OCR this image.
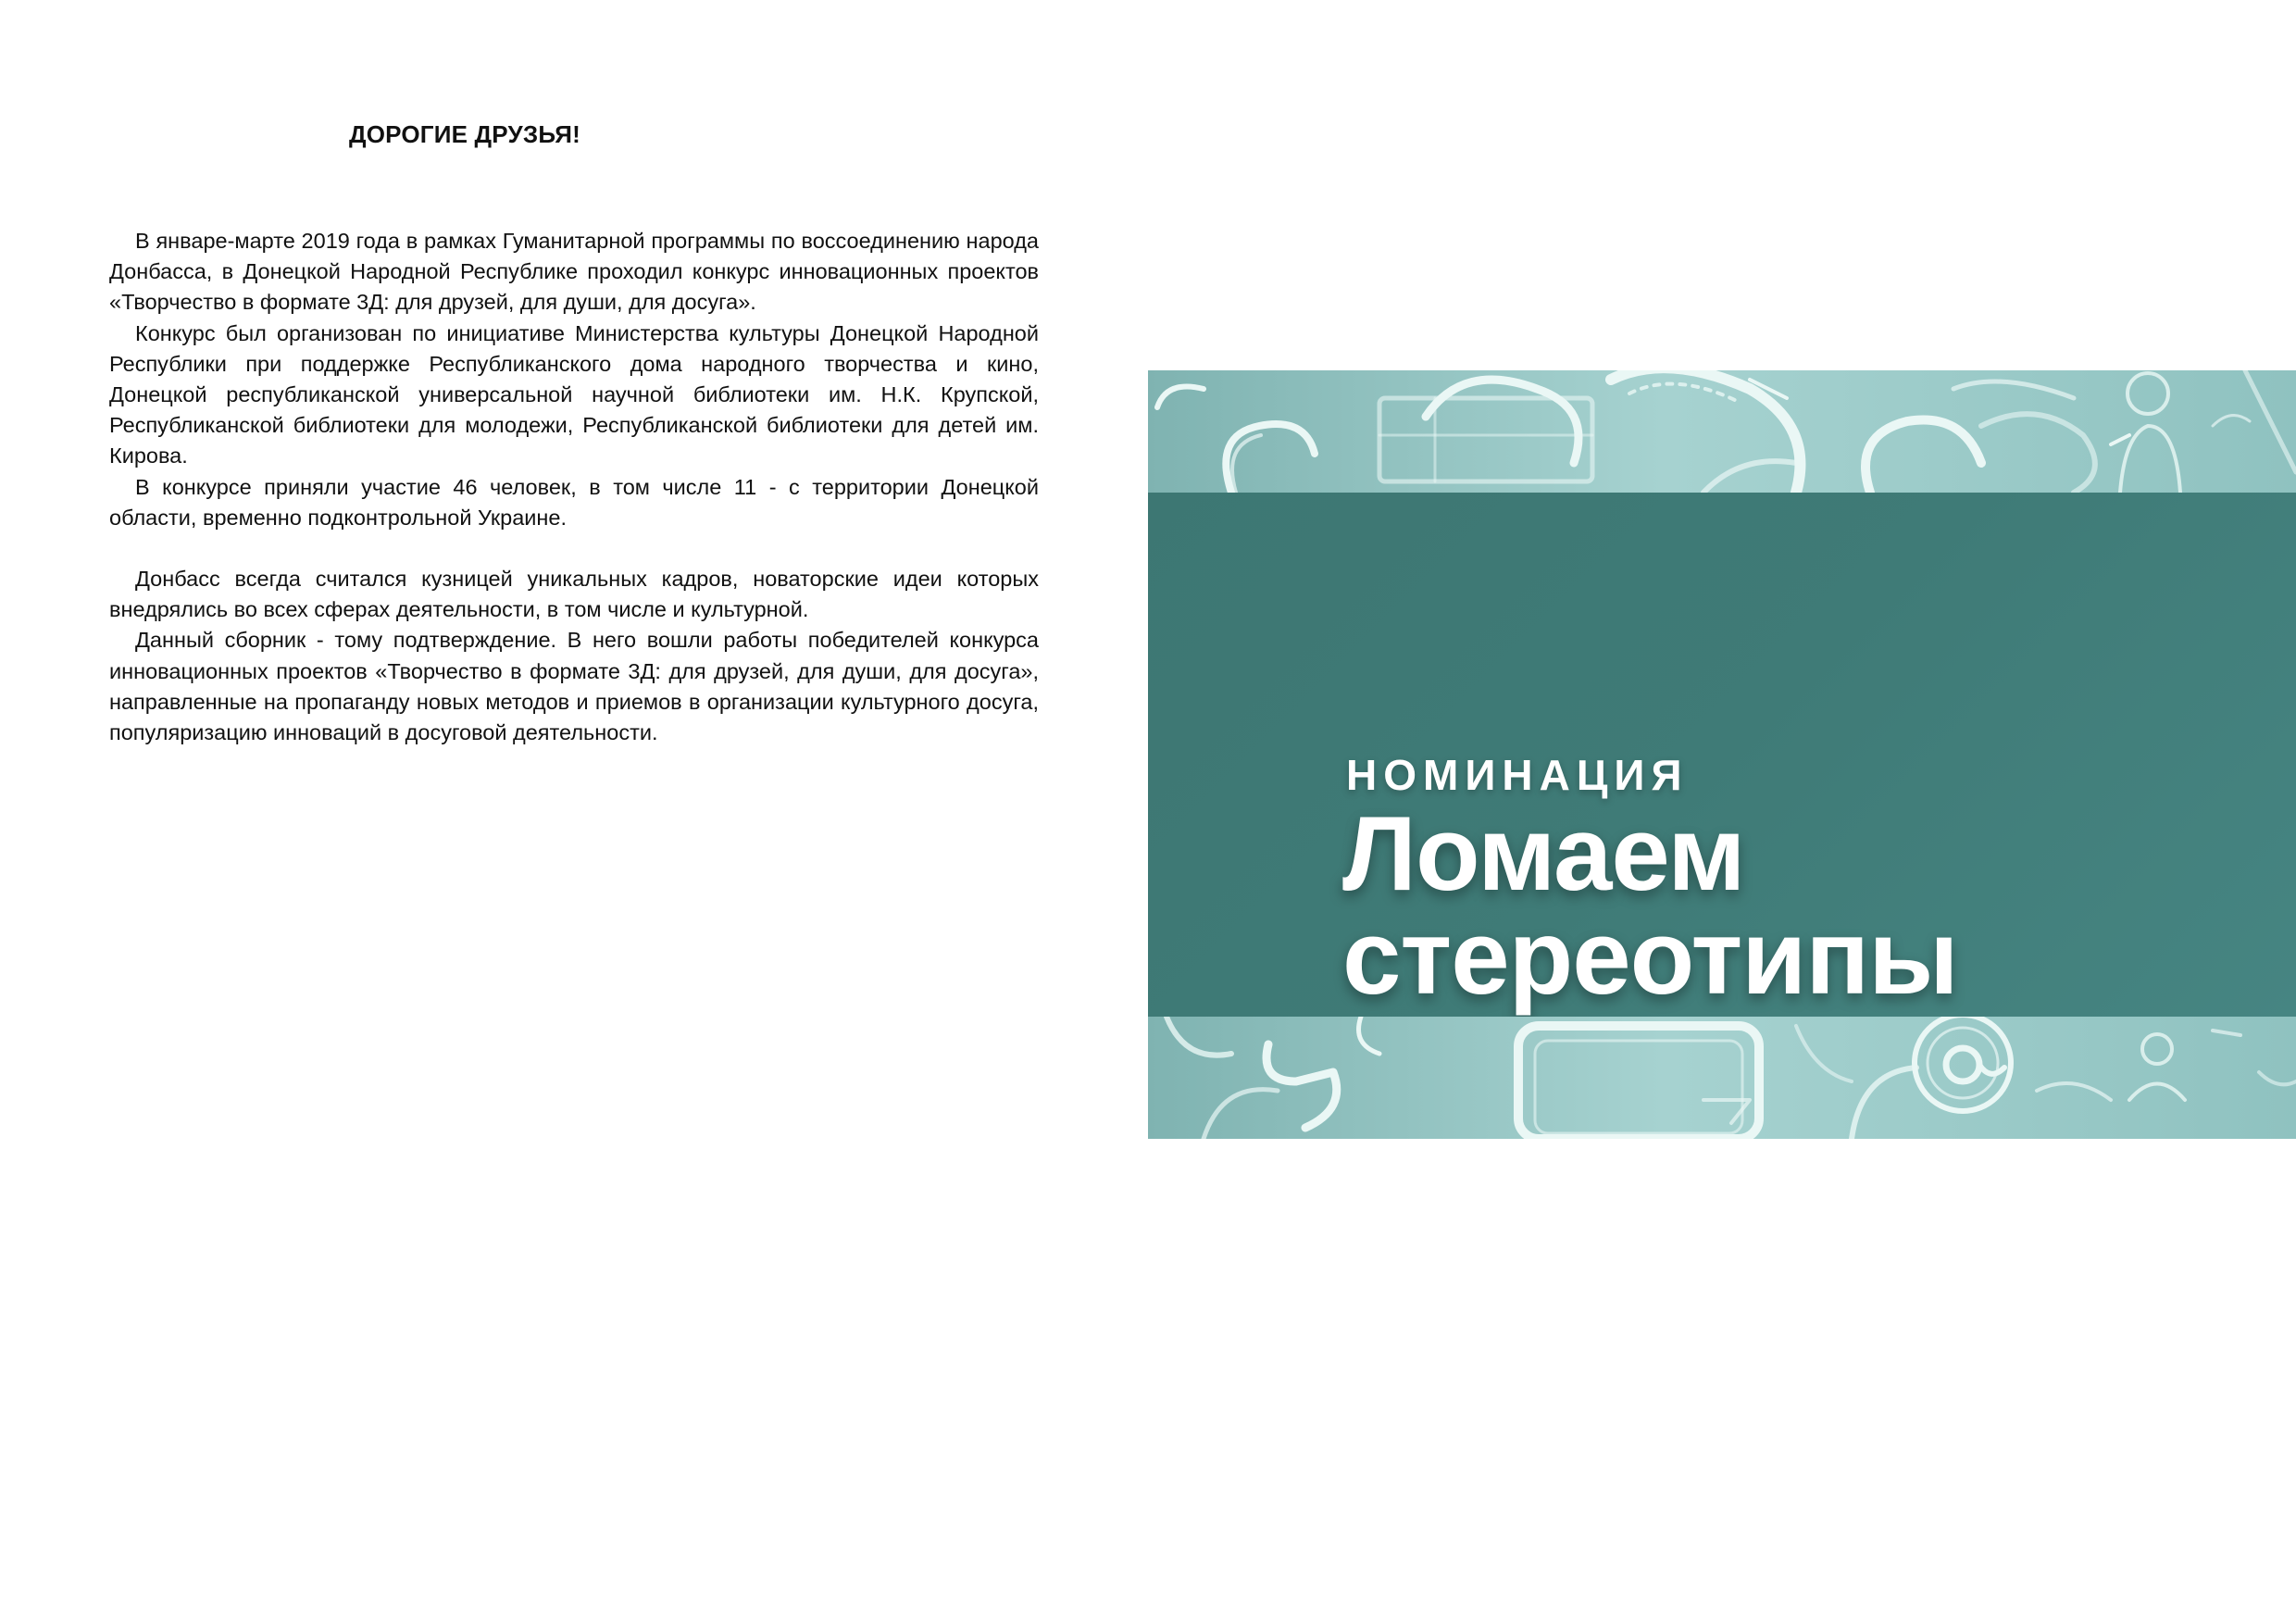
ДОРОГИЕ ДРУЗЬЯ!

В январе-марте 2019 года в рамках Гуманитарной программы по воссоединению народа Донбасса, в Донецкой Народной Республике проходил конкурс инновационных проектов «Творчество в формате 3Д: для друзей, для души, для досуга».

Конкурс был организован по инициативе Министерства культуры Донецкой Народной Республики при поддержке Республиканского дома народного творчества и кино, Донецкой республиканской универсальной научной библиотеки им. Н.К. Крупской, Республиканской библиотеки для молодежи, Республиканской библиотеки для детей им. Кирова.

В конкурсе приняли участие 46 человек, в том числе 11 - с территории Донецкой области, временно подконтрольной Украине.

Донбасс всегда считался кузницей уникальных кадров, новаторские идеи которых внедрялись во всех сферах деятельности, в том числе и культурной.

Данный сборник - тому подтверждение. В него вошли работы победителей конкурса инновационных проектов «Творчество в формате 3Д: для друзей, для души, для досуга», направленные на пропаганду новых методов и приемов в организации культурного досуга, популяризацию инноваций в досуговой деятельности.

НОМИНАЦИЯ
Ломаем
стереотипы
